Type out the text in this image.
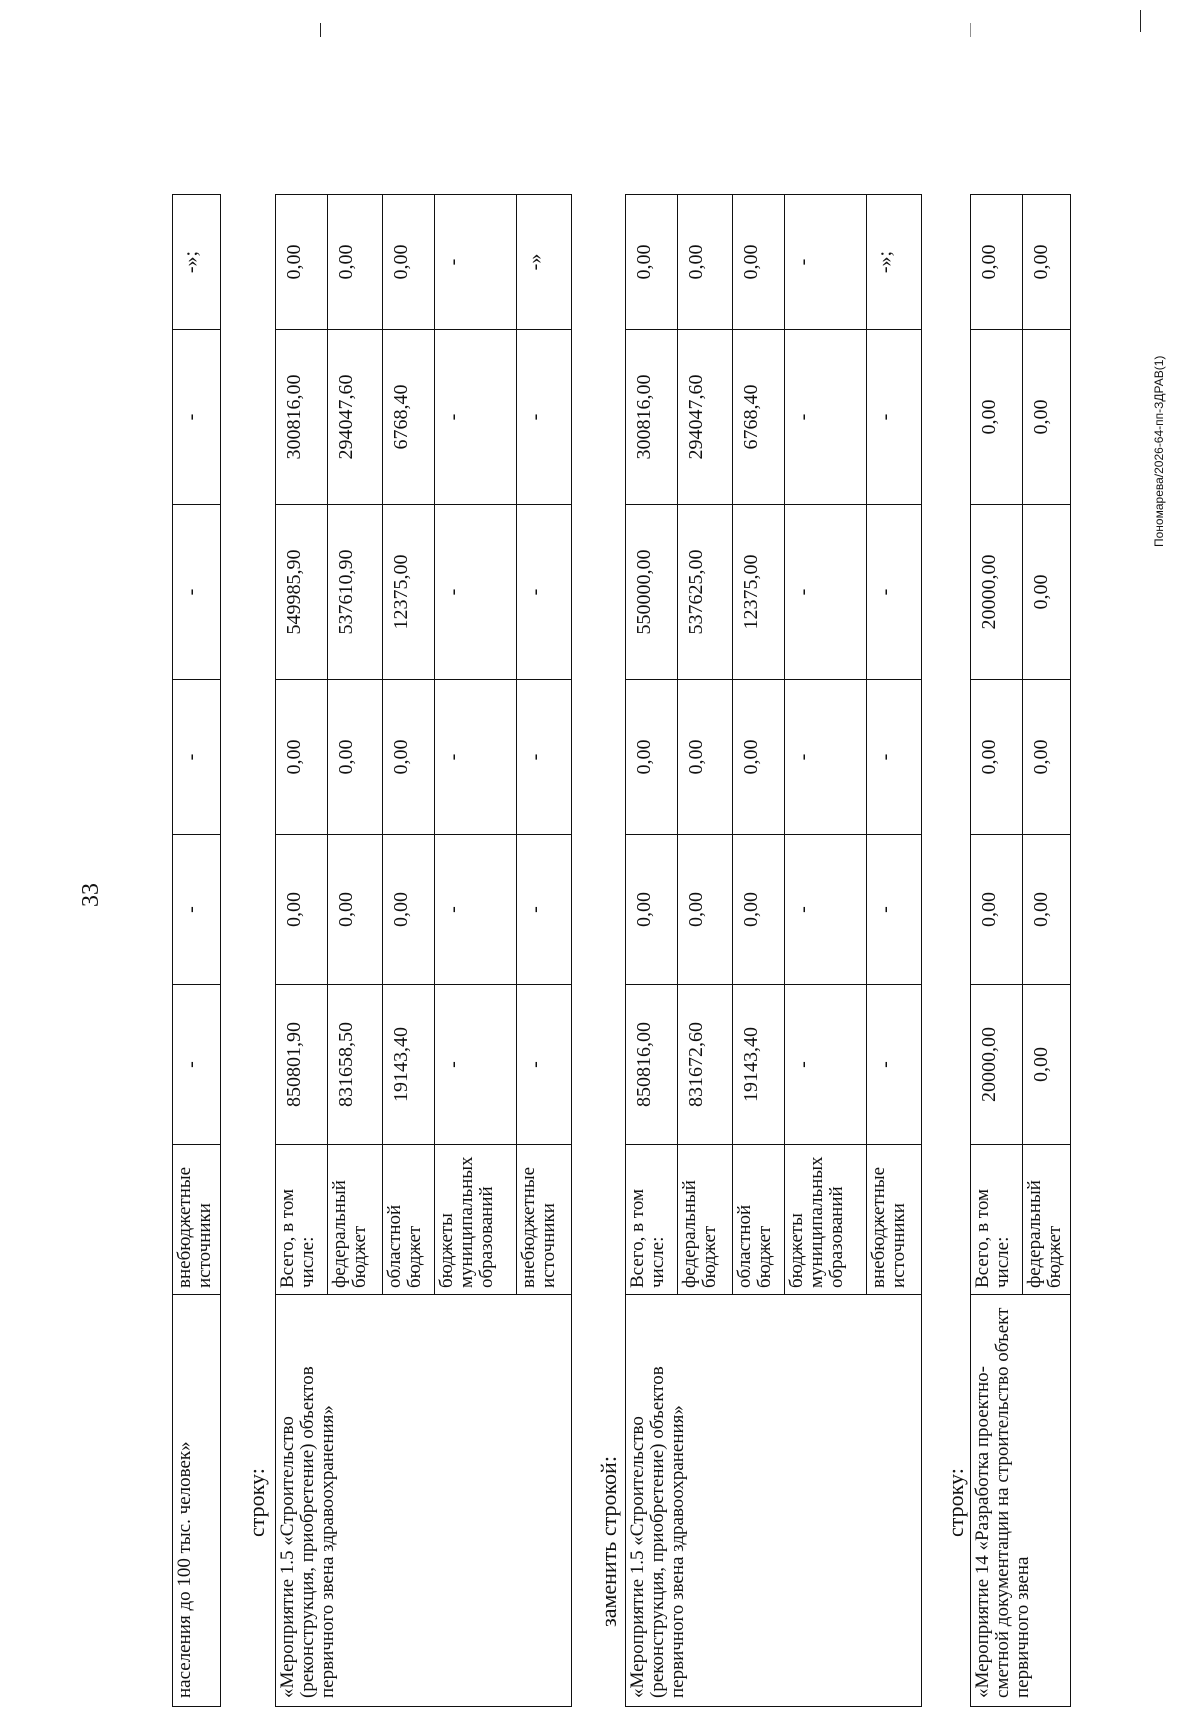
33
населения до 100 тыс. человек»	внебюджетные источники	-	-	-	-	-	-»;
строку: «Мероприятие 1.5 «Строительство (реконструкция, приобретение) объектов первичного звена здравоохранения»	Всего, в том числе:	850801,90	0,00	0,00	549985,90	300816,00	0,00
	федеральный бюджет	831658,50	0,00	0,00	537610,90	294047,60	0,00
	областной бюджет	19143,40	0,00	0,00	12375,00	6768,40	0,00
	бюджеты муниципальных образований	-	-	-	-	-	-
	внебюджетные источники	-	-	-	-	-	-»
заменить строкой: «Мероприятие 1.5 «Строительство (реконструкция, приобретение) объектов первичного звена здравоохранения»	Всего, в том числе:	850816,00	0,00	0,00	550000,00	300816,00	0,00
	федеральный бюджет	831672,60	0,00	0,00	537625,00	294047,60	0,00
	областной бюджет	19143,40	0,00	0,00	12375,00	6768,40	0,00
	бюджеты муниципальных образований	-	-	-	-	-	-
	внебюджетные источники	-	-	-	-	-	-»;
строку: «Мероприятие 14 «Разработка проектно-сметной документации на строительство объект первичного звена	Всего, в том числе:	20000,00	0,00	0,00	20000,00	0,00	0,00
	федеральный бюджет	0,00	0,00	0,00	0,00	0,00	0,00
Пономарева/2026-64-пп-ЗДРАВ(1)
